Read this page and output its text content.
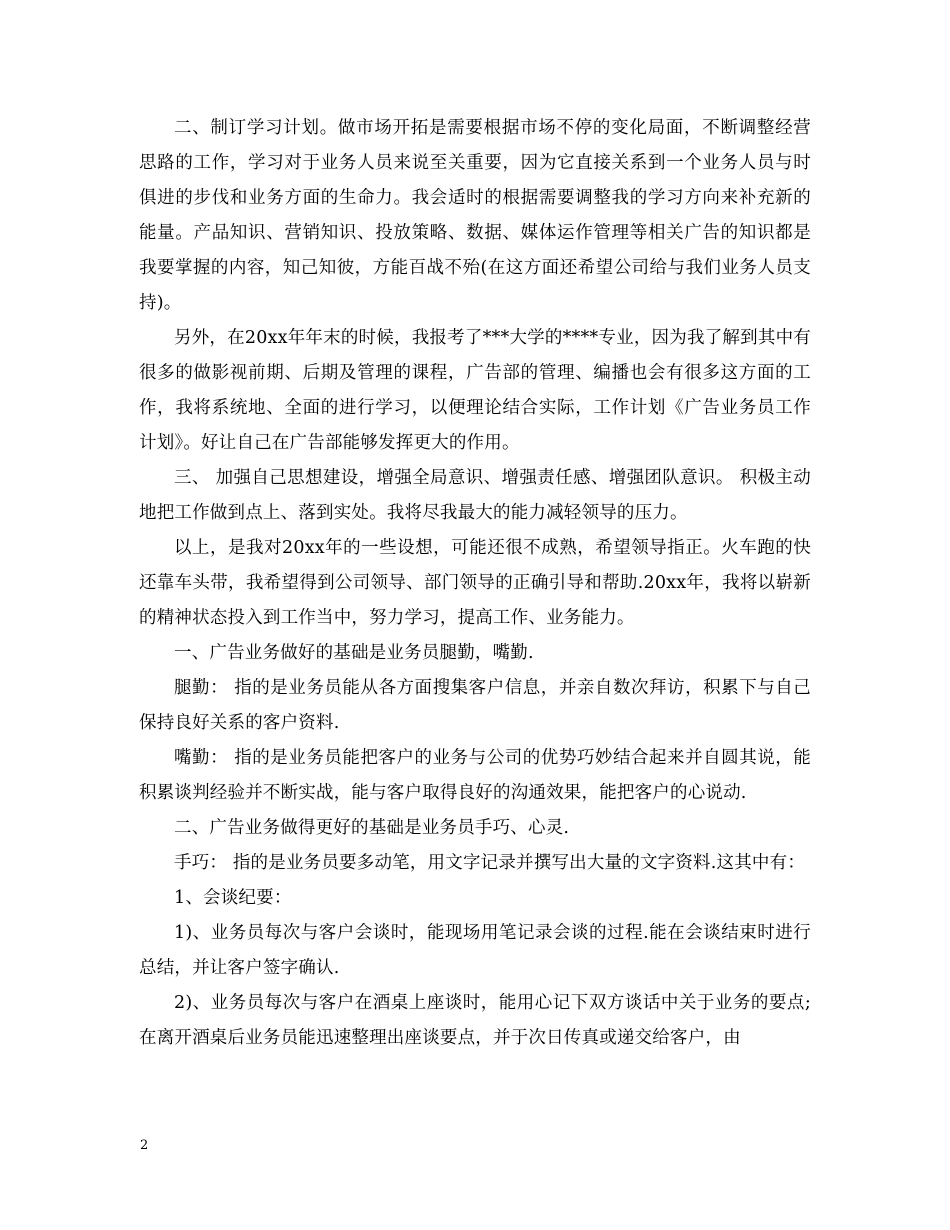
二、制订学习计划。做市场开拓是需要根据市场不停的变化局面，不断调整经营思路的工作，学习对于业务人员来说至关重要，因为它直接关系到一个业务人员与时俱进的步伐和业务方面的生命力。我会适时的根据需要调整我的学习方向来补充新的能量。产品知识、营销知识、投放策略、数据、媒体运作管理等相关广告的知识都是我要掌握的内容，知己知彼，方能百战不殆(在这方面还希望公司给与我们业务人员支持)。

另外，在20xx年年末的时候，我报考了***大学的****专业，因为我了解到其中有很多的做影视前期、后期及管理的课程，广告部的管理、编播也会有很多这方面的工作，我将系统地、全面的进行学习，以便理论结合实际，工作计划《广告业务员工作计划》。好让自己在广告部能够发挥更大的作用。

三、 加强自己思想建设，增强全局意识、增强责任感、增强团队意识。 积极主动地把工作做到点上、落到实处。我将尽我最大的能力减轻领导的压力。

以上，是我对20xx年的一些设想，可能还很不成熟，希望领导指正。火车跑的快还靠车头带，我希望得到公司领导、部门领导的正确引导和帮助.20xx年，我将以崭新的精神状态投入到工作当中，努力学习，提高工作、业务能力。

一、广告业务做好的基础是业务员腿勤，嘴勤.

腿勤： 指的是业务员能从各方面搜集客户信息，并亲自数次拜访，积累下与自己保持良好关系的客户资料.

嘴勤： 指的是业务员能把客户的业务与公司的优势巧妙结合起来并自圆其说，能积累谈判经验并不断实战，能与客户取得良好的沟通效果，能把客户的心说动.

二、广告业务做得更好的基础是业务员手巧、心灵.

手巧： 指的是业务员要多动笔，用文字记录并撰写出大量的文字资料.这其中有：

1、会谈纪要：

1)、业务员每次与客户会谈时，能现场用笔记录会谈的过程.能在会谈结束时进行总结，并让客户签字确认.

2)、业务员每次与客户在酒桌上座谈时，能用心记下双方谈话中关于业务的要点;在离开酒桌后业务员能迅速整理出座谈要点，并于次日传真或递交给客户，由

2
